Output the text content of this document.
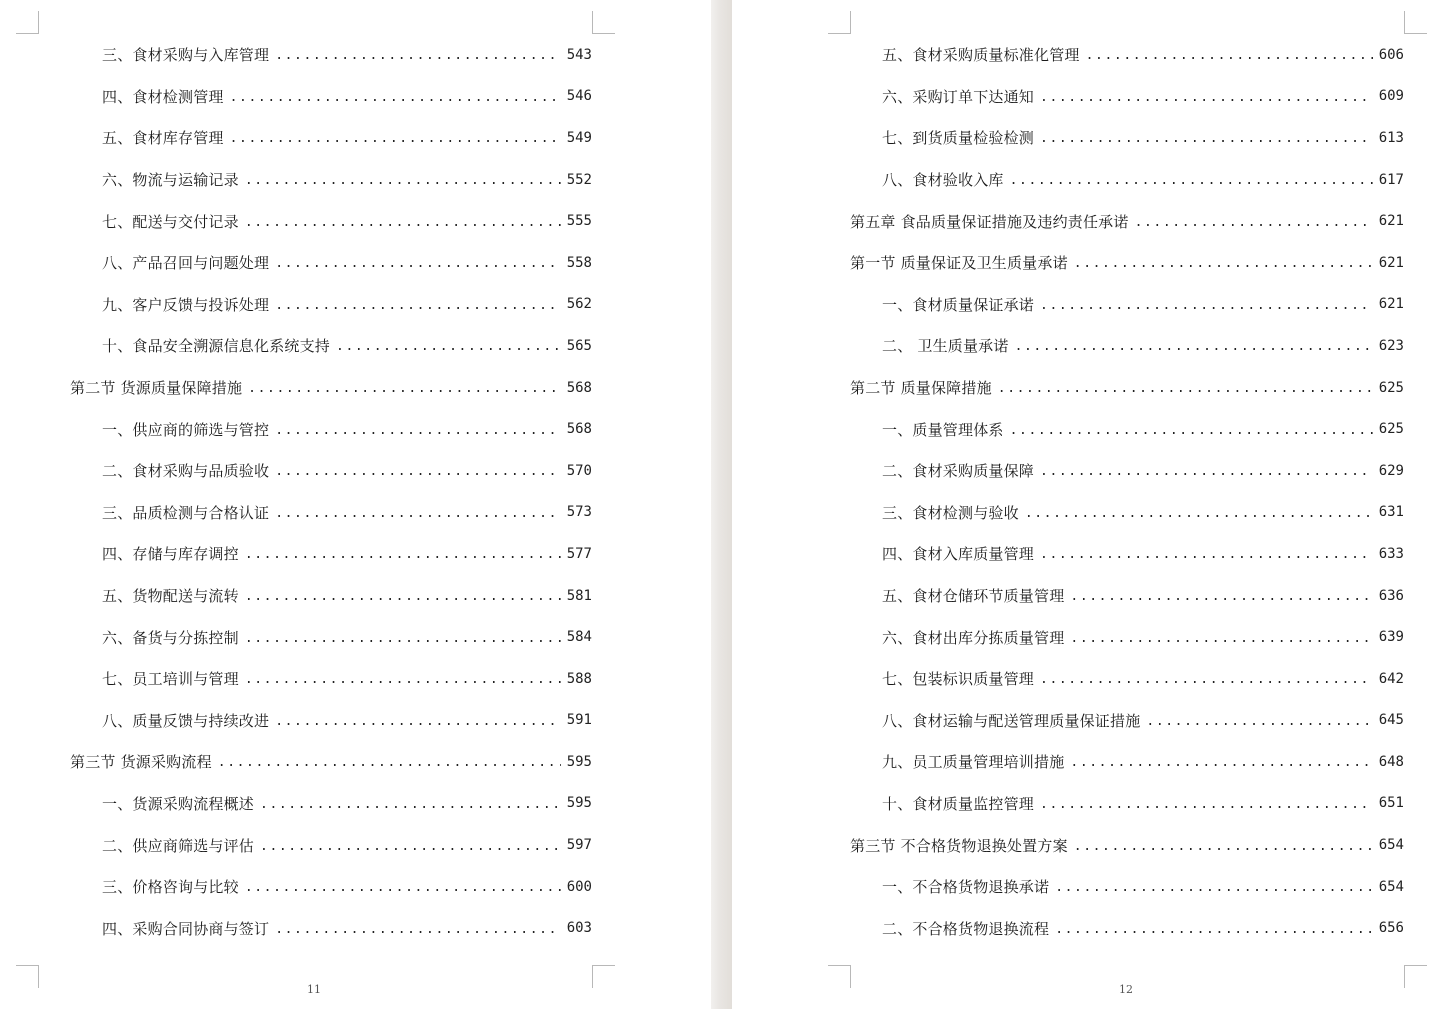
三、食材采购与入库管理 .....	543
四、食材检测管理 .....	546
五、食材库存管理 .....	549
六、物流与运输记录 .....	552
七、配送与交付记录 .....	555
八、产品召回与问题处理 .....	558
九、客户反馈与投诉处理 .....	562
十、食品安全溯源信息化系统支持 .....	565
第二节 货源质量保障措施 .....	568
一、供应商的筛选与管控 .....	568
二、食材采购与品质验收 .....	570
三、品质检测与合格认证 .....	573
四、存储与库存调控 .....	577
五、货物配送与流转 .....	581
六、备货与分拣控制 .....	584
七、员工培训与管理 .....	588
八、质量反馈与持续改进 .....	591
第三节 货源采购流程 .....	595
一、货源采购流程概述 .....	595
二、供应商筛选与评估 .....	597
三、价格咨询与比较 .....	600
四、采购合同协商与签订 .....	603
11
五、食材采购质量标准化管理 .....	606
六、采购订单下达通知 .....	609
七、到货质量检验检测 .....	613
八、食材验收入库 .....	617
第五章 食品质量保证措施及违约责任承诺 .....	621
第一节 质量保证及卫生质量承诺 .....	621
一、食材质量保证承诺 .....	621
二、 卫生质量承诺 .....	623
第二节 质量保障措施 .....	625
一、质量管理体系 .....	625
二、食材采购质量保障 .....	629
三、食材检测与验收 .....	631
四、食材入库质量管理 .....	633
五、食材仓储环节质量管理 .....	636
六、食材出库分拣质量管理 .....	639
七、包装标识质量管理 .....	642
八、食材运输与配送管理质量保证措施 .....	645
九、员工质量管理培训措施 .....	648
十、食材质量监控管理 .....	651
第三节 不合格货物退换处置方案 .....	654
一、不合格货物退换承诺 .....	654
二、不合格货物退换流程 .....	656
12
